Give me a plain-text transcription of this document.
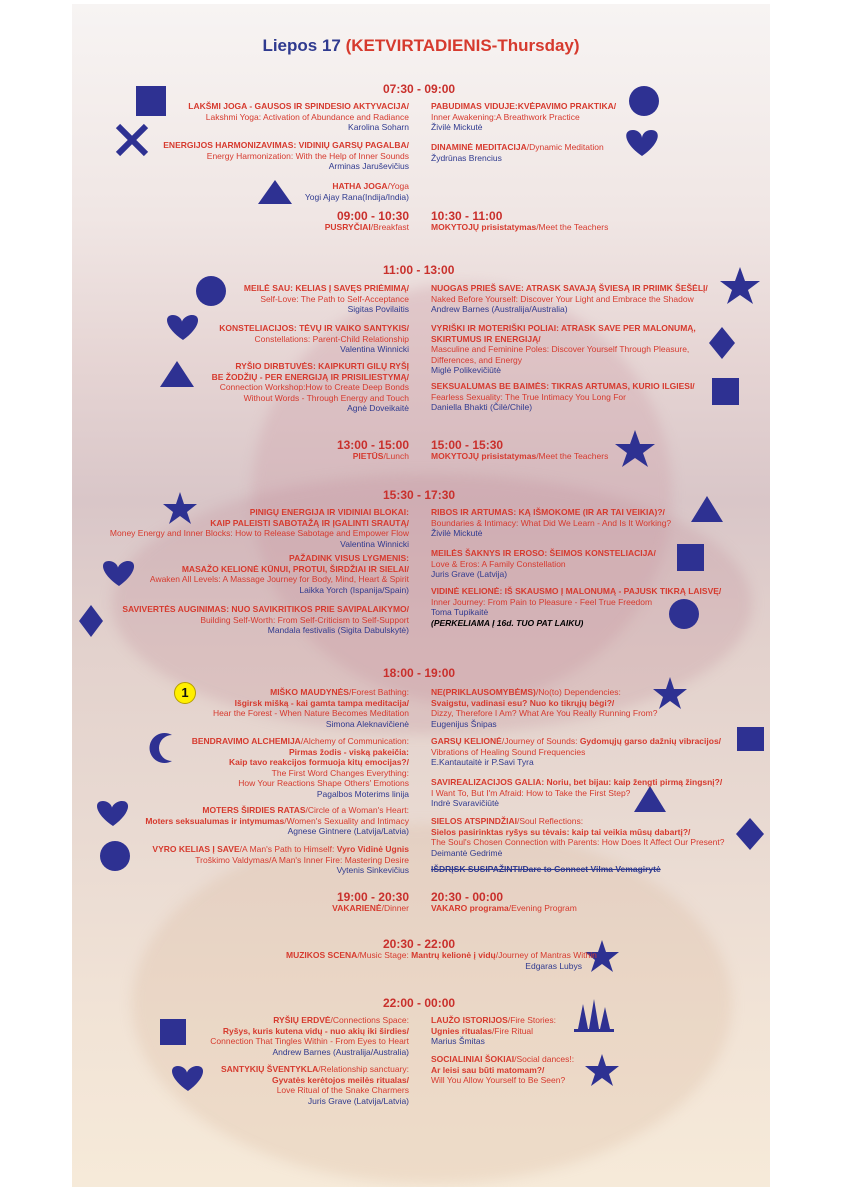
Liepos 17 (KETVIRTADIENIS-Thursday)
07:30 - 09:00
LAKŠMI JOGA - GAUSOS IR SPINDESIO AKTYVACIJA/
Lakshmi Yoga: Activation of Abundance and Radiance
Karolina Soharn
ENERGIJOS HARMONIZAVIMAS: VIDINIŲ GARSŲ PAGALBA/
Energy Harmonization: With the Help of Inner Sounds
Arminas Jaruševičius
HATHA JOGA/Yoga
Yogi Ajay Rana(Indija/India)
PABUDIMAS VIDUJE:KVĖPAVIMO PRAKTIKA/
Inner Awakening:A Breathwork Practice
Živilė Mickutė
DINAMINĖ MEDITACIJA/Dynamic Meditation
Žydrūnas Brencius
09:00 - 10:30 10:30 - 11:00
PUSRYČIAI/Breakfast	MOKYTOJŲ prisistatymas/Meet the Teachers
11:00 - 13:00
MEILĖ SAU: KELIAS Į SAVĘS PRIĖMIMĄ/
Self-Love: The Path to Self-Acceptance
Sigitas Povilaitis
KONSTELIACIJOS: TĖVŲ IR VAIKO SANTYKIS/
Constellations: Parent-Child Relationship
Valentina Winnicki
RYŠIO DIRBTUVĖS: KAIPKURTI GILŲ RYŠĮ
BE ŽODŽIŲ - PER ENERGIJĄ IR PRISILIESTYMĄ/
Connection Workshop:How to Create Deep Bonds
Without Words - Through Energy and Touch
Agnė Doveikaitė
NUOGAS PRIEŠ SAVE: ATRASK SAVAJĄ ŠVIESĄ IR PRIIMK ŠEŠĖLĮ/
Naked Before Yourself: Discover Your Light and Embrace the Shadow
Andrew Barnes (Australija/Australia)
VYRIŠKI IR MOTERIŠKI POLIAI: ATRASK SAVE PER MALONUMĄ,
SKIRTUMUS IR ENERGIJĄ/
Masculine and Feminine Poles: Discover Yourself Through Pleasure,
Differences, and Energy
Miglė Polikevičiūtė
SEKSUALUMAS BE BAIMĖS: TIKRAS ARTUMAS, KURIO ILGIESI/
Fearless Sexuality: The True Intimacy You Long For
Daniella Bhakti (Čilė/Chile)
13:00 - 15:00 15:00 - 15:30
PIETŪS/Lunch	MOKYTOJŲ prisistatymas/Meet the Teachers
15:30 - 17:30
PINIGŲ ENERGIJA IR VIDINIAI BLOKAI:
KAIP PALEISTI SABOTAŽĄ IR ĮGALINTI SRAUTĄ/
Money Energy and Inner Blocks: How to Release Sabotage and Empower Flow
Valentina Winnicki
PAŽADINK VISUS LYGMENIS:
MASAŽO KELIONĖ KŪNUI, PROTUI, ŠIRDŽIAI IR SIELAI/
Awaken All Levels: A Massage Journey for Body, Mind, Heart & Spirit
Laikka Yorch (Ispanija/Spain)
SAVIVERTĖS AUGINIMAS: NUO SAVIKRITIKOS PRIE SAVIPALAIKYMO/
Building Self-Worth: From Self-Criticism to Self-Support
Mandala festivalis (Sigita Dabulskytė)
RIBOS IR ARTUMAS: KĄ IŠMOKOME (IR AR TAI VEIKIA)?/
Boundaries & Intimacy: What Did We Learn - And Is It Working?
Živilė Mickutė
MEILĖS ŠAKNYS IR EROSO: ŠEIMOS KONSTELIACIJA/
Love & Eros: A Family Constellation
Juris Grave (Latvija)
VIDINĖ KELIONĖ: IŠ SKAUSMO Į MALONUMĄ - PAJUSK TIKRĄ LAISVĘ/
Inner Journey: From Pain to Pleasure - Feel True Freedom
Toma Tupikaitė
(PERKELIAMA Į 16d. TUO PAT LAIKU)
18:00 - 19:00
1	MIŠKO MAUDYNĖS/Forest Bathing:
Išgirsk mišką - kai gamta tampa meditacija/
Hear the Forest - When Nature Becomes Meditation
Simona Aleknavičienė
BENDRAVIMO ALCHEMIJA/Alchemy of Communication:
Pirmas žodis - viską pakeičia:
Kaip tavo reakcijos formuoja kitų emocijas?/
The First Word Changes Everything:
How Your Reactions Shape Others' Emotions
Pagalbos Moterims linija
MOTERS ŠIRDIES RATAS/Circle of a Woman's Heart:
Moters seksualumas ir intymumas/Women's Sexuality and Intimacy
Agnese Gintnere (Latvija/Latvia)
VYRO KELIAS Į SAVE/A Man's Path to Himself: Vyro Vidinė Ugnis
Troškimo Valdymas/A Man's Inner Fire: Mastering Desire
Vytenis Sinkevičius
NE(PRIKLAUSOMYBĖMS)/No(to) Dependencies:
Svaigstu, vadinasi esu? Nuo ko tikrųjų bėgi?/
Dizzy, Therefore I Am? What Are You Really Running From?
Eugenijus Šnipas
GARSŲ KELIONĖ/Journey of Sounds: Gydomųjų garso dažnių vibracijos/
Vibrations of Healing Sound Frequencies
E.Kantautaitė ir P.Savi Tyra
SAVIREALIZACIJOS GALIA: Noriu, bet bijau: kaip žengti pirmą žingsnį?/
I Want To, But I'm Afraid: How to Take the First Step?
Indrė Svaravičiūtė
SIELOS ATSPINDŽIAI/Soul Reflections:
Sielos pasirinktas ryšys su tėvais: kaip tai veikia mūsų dabartį?/
The Soul's Chosen Connection with Parents: How Does It Affect Our Present?
Deimantė Gedrimė
IŠDRĮSK SUSIPAŽINTI/Dare to Connect Vilma Vemagirytė
19:00 - 20:30 20:30 - 00:00
VAKARIENĖ/Dinner	VAKARO programa/Evening Program
20:30 - 22:00
MUZIKOS SCENA/Music Stage: Mantrų kelionė į vidų/Journey of Mantras Within
Edgaras Lubys
22:00 - 00:00
RYŠIŲ ERDVĖ/Connections Space:
Ryšys, kuris kutena vidų - nuo akių iki širdies/
Connection That Tingles Within - From Eyes to Heart
Andrew Barnes (Australija/Australia)
SANTYKIŲ ŠVENTYKLA/Relationship sanctuary:
Gyvatės kerėtojos meilės ritualas/
Love Ritual of the Snake Charmers
Juris Grave (Latvija/Latvia)
LAUŽO ISTORIJOS/Fire Stories:
Ugnies ritualas/Fire Ritual
Marius Šmitas
SOCIALINIAI ŠOKIAI/Social dances!:
Ar leisi sau būti matomam?/
Will You Allow Yourself to Be Seen?
